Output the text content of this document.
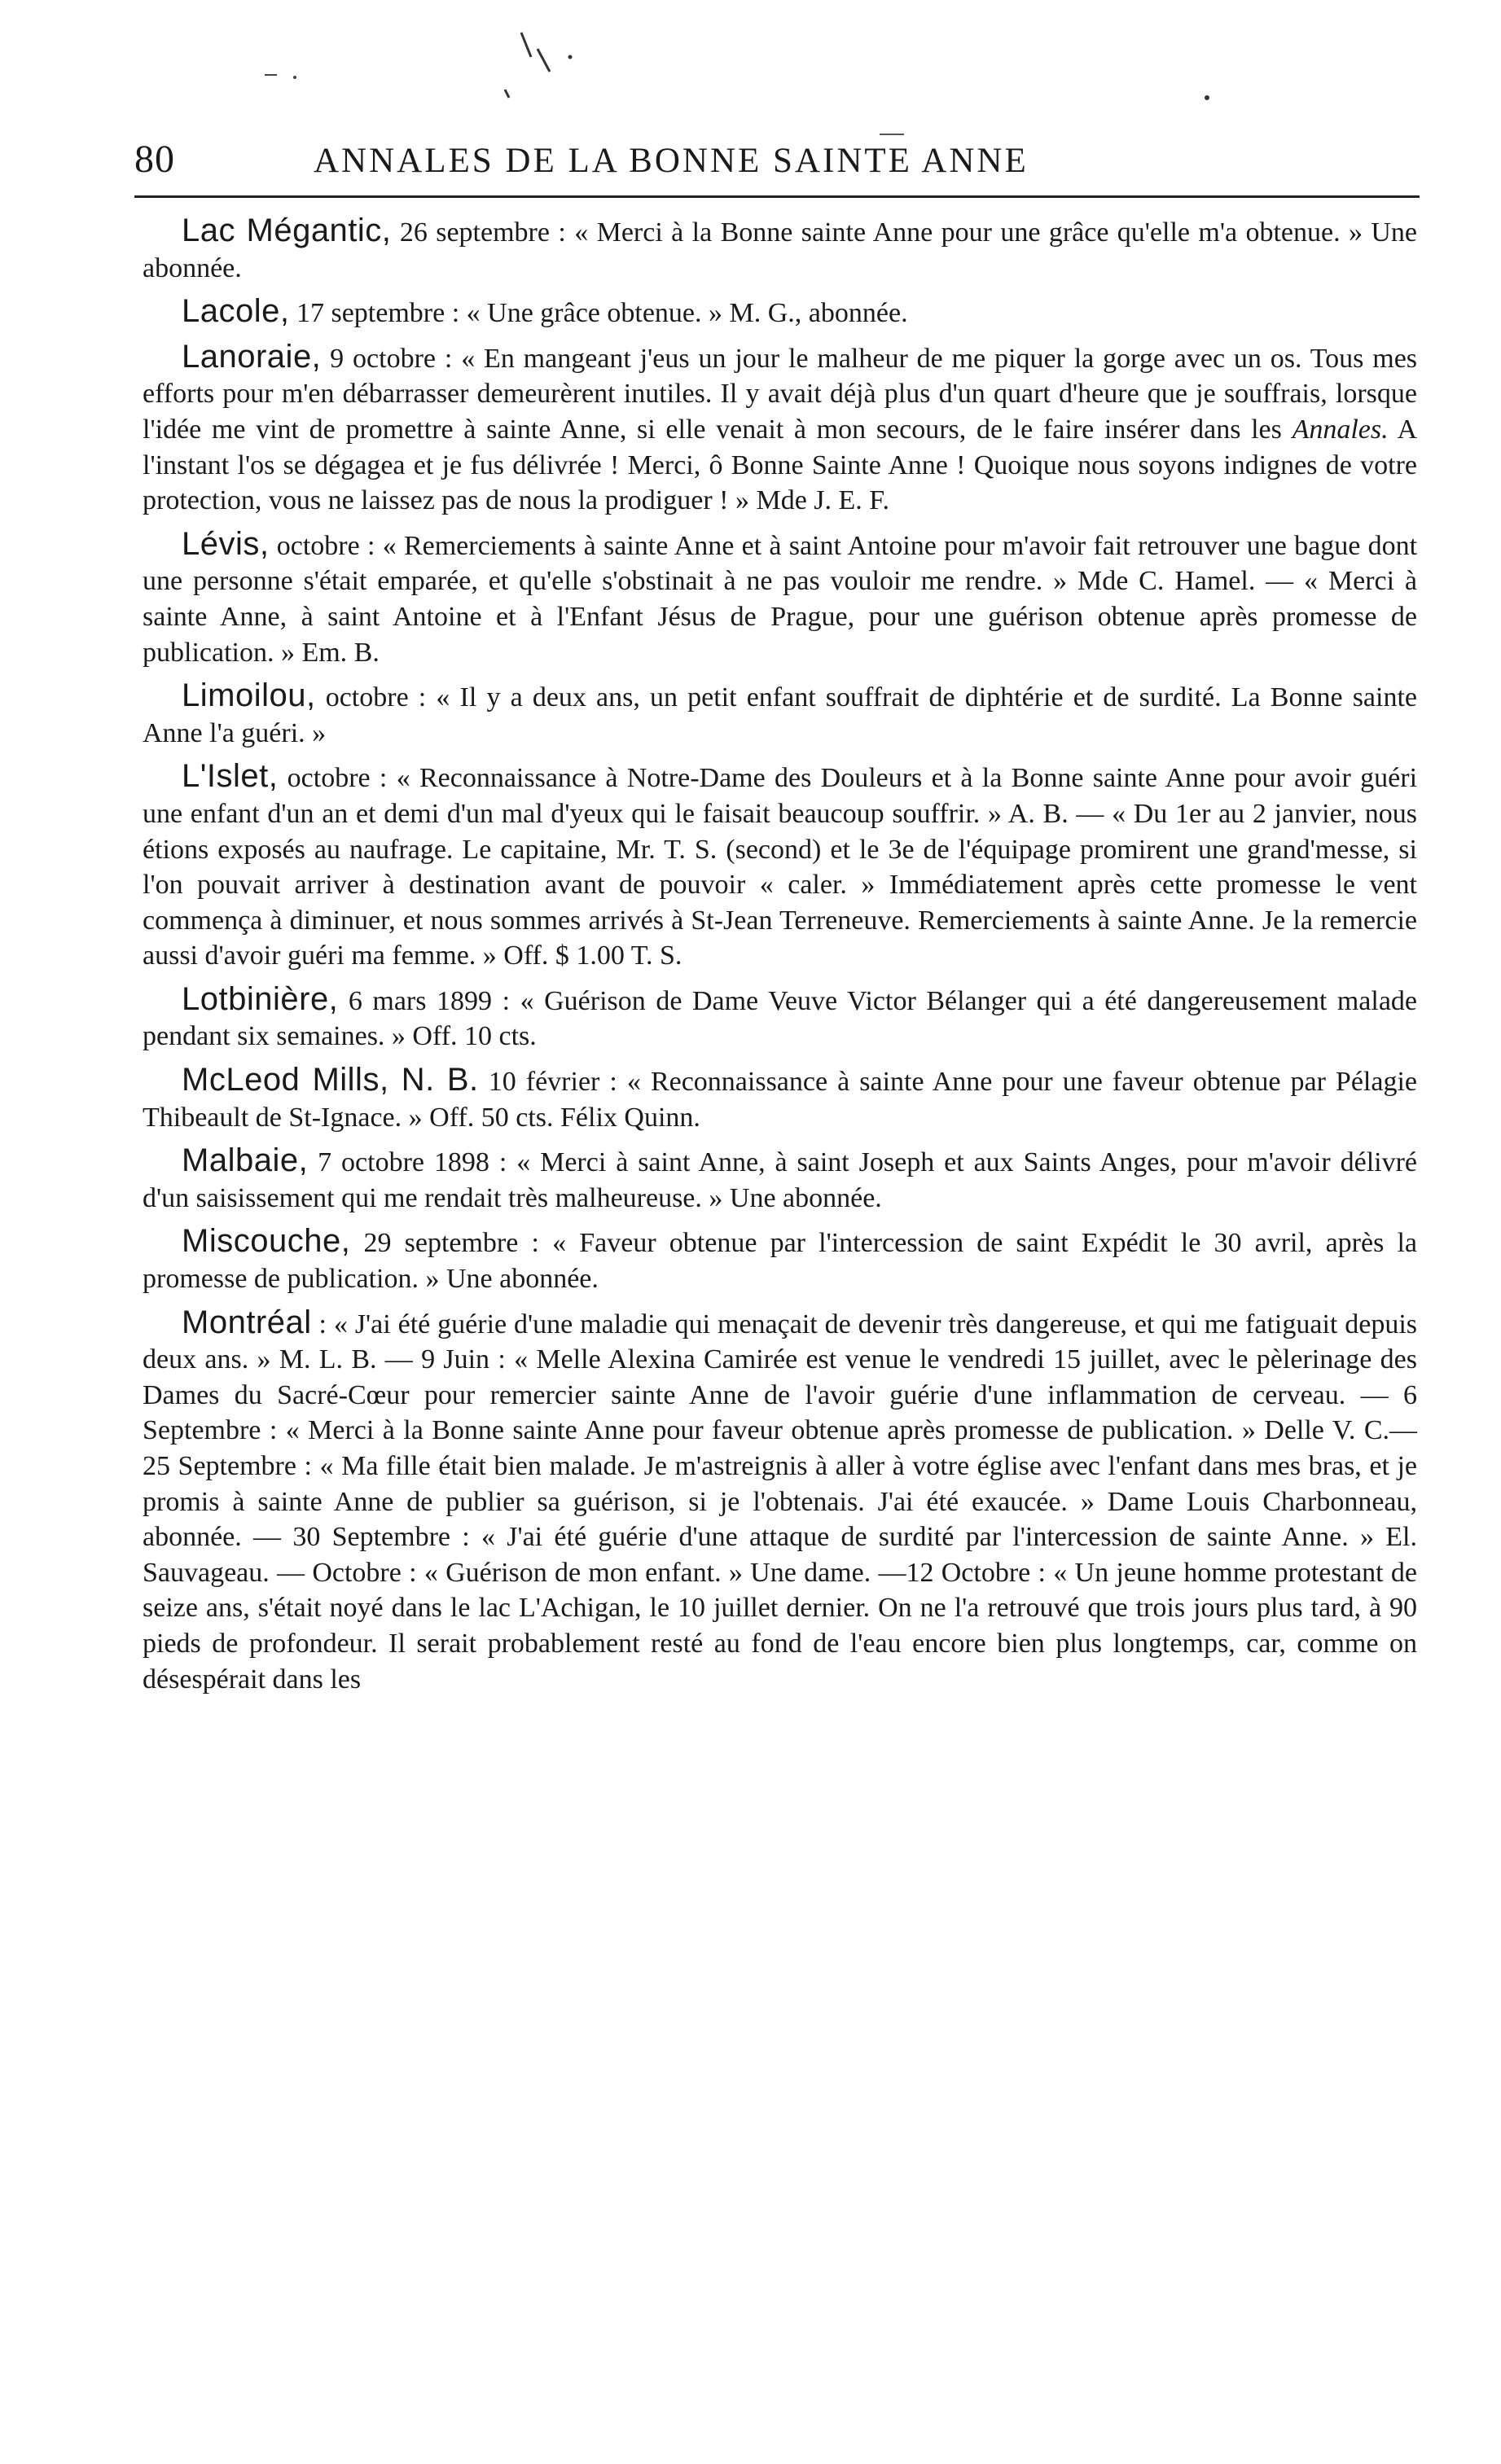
80	ANNALES DE LA BONNE SAINTE ANNE

Lac Mégantic, 26 septembre : « Merci à la Bonne sainte Anne pour une grâce qu'elle m'a obtenue. » Une abonnée.

Lacole, 17 septembre : « Une grâce obtenue. » M. G., abonnée.

Lanoraie, 9 octobre : « En mangeant j'eus un jour le malheur de me piquer la gorge avec un os. Tous mes efforts pour m'en débarrasser demeurèrent inutiles. Il y avait déjà plus d'un quart d'heure que je souffrais, lorsque l'idée me vint de promettre à sainte Anne, si elle venait à mon secours, de le faire insérer dans les Annales. A l'instant l'os se dégagea et je fus délivrée ! Merci, ô Bonne Sainte Anne ! Quoique nous soyons indignes de votre protection, vous ne laissez pas de nous la prodiguer ! » Mde J. E. F.

Lévis, octobre : « Remerciements à sainte Anne et à saint Antoine pour m'avoir fait retrouver une bague dont une personne s'était emparée, et qu'elle s'obstinait à ne pas vouloir me rendre. » Mde C. Hamel. — « Merci à sainte Anne, à saint Antoine et à l'Enfant Jésus de Prague, pour une guérison obtenue après promesse de publication. » Em. B.

Limoilou, octobre : « Il y a deux ans, un petit enfant souffrait de diphtérie et de surdité. La Bonne sainte Anne l'a guéri. »

L'Islet, octobre : « Reconnaissance à Notre-Dame des Douleurs et à la Bonne sainte Anne pour avoir guéri une enfant d'un an et demi d'un mal d'yeux qui le faisait beaucoup souffrir. » A. B. — « Du 1er au 2 janvier, nous étions exposés au naufrage. Le capitaine, Mr. T. S. (second) et le 3e de l'équipage promirent une grand'messe, si l'on pouvait arriver à destination avant de pouvoir « caler. » Immédiatement après cette promesse le vent commença à diminuer, et nous sommes arrivés à St-Jean Terreneuve. Remerciements à sainte Anne. Je la remercie aussi d'avoir guéri ma femme. » Off. $ 1.00 T. S.

Lotbinière, 6 mars 1899 : « Guérison de Dame Veuve Victor Bélanger qui a été dangereusement malade pendant six semaines. » Off. 10 cts.

McLeod Mills, N. B. 10 février : « Reconnaissance à sainte Anne pour une faveur obtenue par Pélagie Thibeault de St-Ignace. » Off. 50 cts. Félix Quinn.

Malbaie, 7 octobre 1898 : « Merci à saint Anne, à saint Joseph et aux Saints Anges, pour m'avoir délivré d'un saisissement qui me rendait très malheureuse. » Une abonnée.

Miscouche, 29 septembre : « Faveur obtenue par l'intercession de saint Expédit le 30 avril, après la promesse de publication. » Une abonnée.

Montréal : « J'ai été guérie d'une maladie qui menaçait de devenir très dangereuse, et qui me fatiguait depuis deux ans. » M. L. B. — 9 Juin : « Melle Alexina Camirée est venue le vendredi 15 juillet, avec le pèlerinage des Dames du Sacré-Cœur pour remercier sainte Anne de l'avoir guérie d'une inflammation de cerveau. — 6 Septembre : « Merci à la Bonne sainte Anne pour faveur obtenue après promesse de publication. » Delle V. C.— 25 Septembre : « Ma fille était bien malade. Je m'astreignis à aller à votre église avec l'enfant dans mes bras, et je promis à sainte Anne de publier sa guérison, si je l'obtenais. J'ai été exaucée. » Dame Louis Charbonneau, abonnée. — 30 Septembre : « J'ai été guérie d'une attaque de surdité par l'intercession de sainte Anne. » El. Sauvageau. — Octobre : « Guérison de mon enfant. » Une dame. —12 Octobre : « Un jeune homme protestant de seize ans, s'était noyé dans le lac L'Achigan, le 10 juillet dernier. On ne l'a retrouvé que trois jours plus tard, à 90 pieds de profondeur. Il serait probablement resté au fond de l'eau encore bien plus longtemps, car, comme on désespérait dans les
